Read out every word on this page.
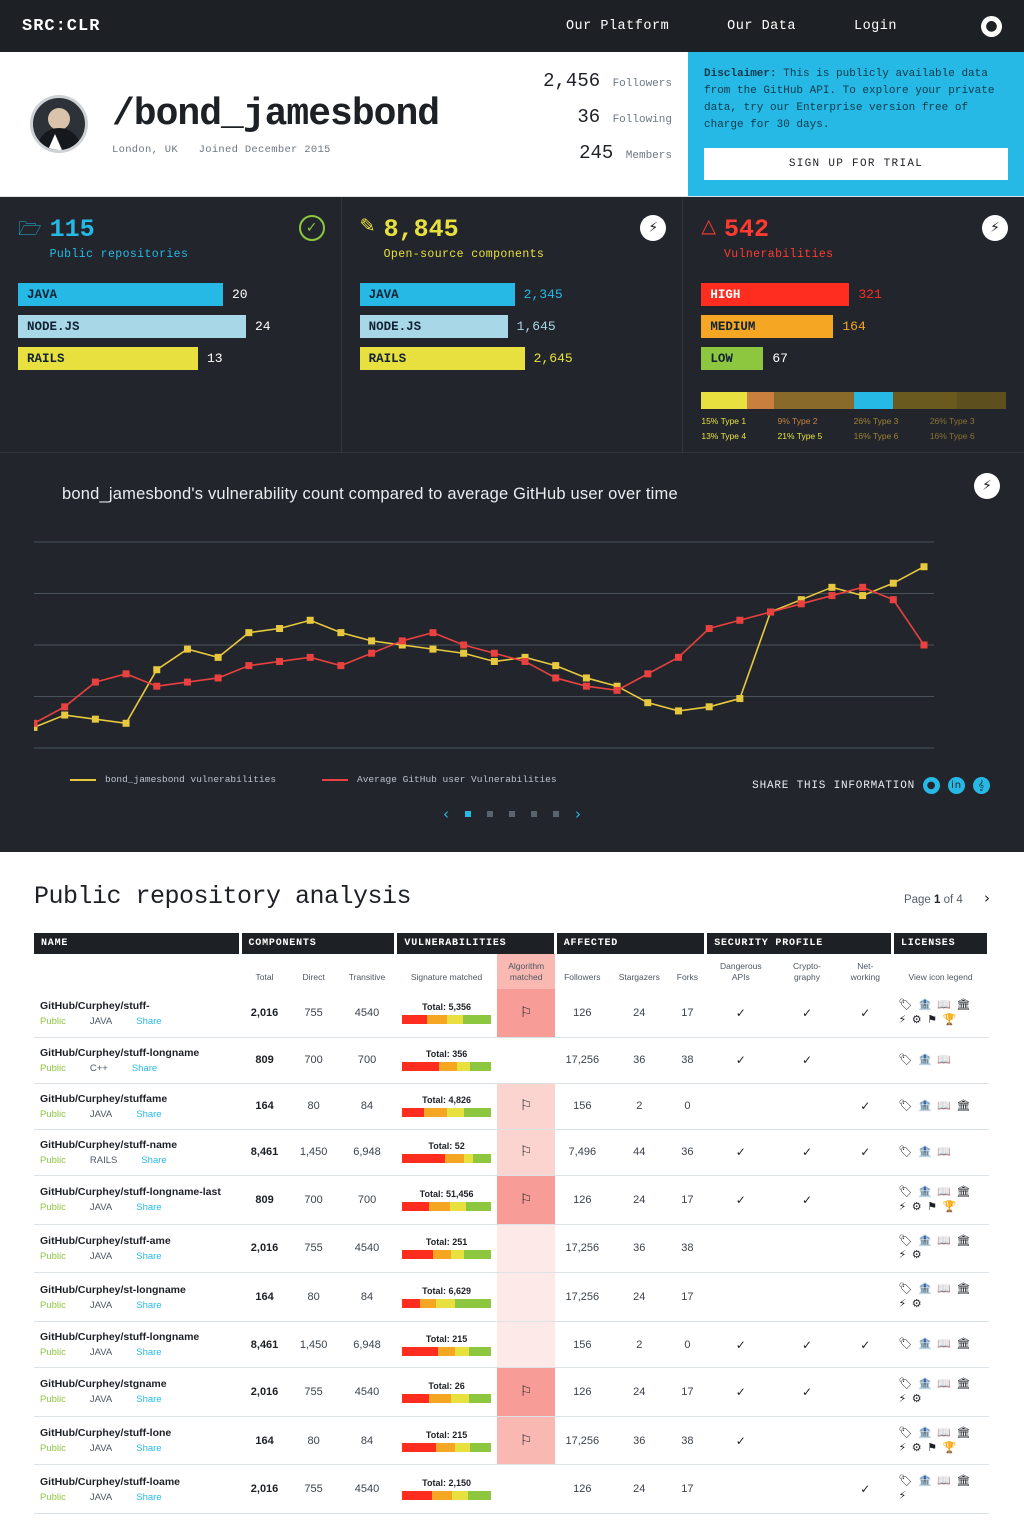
SRC:CLR	Our Platform	Our Data	Login	●
/bond_jamesbond
London, UK Joined December 2015
2,456 Followers
36 Following
245 Members

Disclaimer: This is publicly available data from the GitHub API. To explore your private data, try our Enterprise version free of charge for 30 days.

SIGN UP FOR TRIAL
🗁 115
Public repositories
✓
JAVA	20
NODE.JS	24
RAILS	13
✎ 8,845
Open-source components
⚡
JAVA	2,345
NODE.JS	1,645
RAILS	2,645
△ 542
Vulnerabilities
⚡
HIGH	321
MEDIUM	164
LOW	67
15% Type 1	9% Type 2	26% Type 3	26% Type 3
13% Type 4	21% Type 5	16% Type 6	16% Type 6
⚡
bond_jamesbond's vulnerability count compared to average GitHub user over time
bond_jamesbond vulnerabilities	Average GitHub user Vulnerabilities
‹	›
SHARE THIS INFORMATION	●	in	𝄞
Public repository analysis	Page 1 of 4 ›
NAME	COMPONENTS			VULNERABILITIES		AFFECTED			SECURITY PROFILE			LICENSES
	Total	Direct	Transitive	Signature matched	Algorithm matched	Followers	Stargazers	Forks	Dangerous APIs	Crypto-graphy	Net-working	View icon legend

GitHub/Curphey/stuff-
Public JAVA Share	2,016	755	4540	Total: 5,356	⚐	126	24	17	✓	✓	✓	🏷 🏦 📖 🏛 ⚡ ⚙ ⚑ 🏆

GitHub/Curphey/stuff-longname
Public C++ Share	809	700	700	Total: 356		17,256	36	38	✓	✓		🏷 🏦 📖

GitHub/Curphey/stuffame
Public JAVA Share	164	80	84	Total: 4,826	⚐	156	2	0			✓	🏷 🏦 📖 🏛

GitHub/Curphey/stuff-name
Public RAILS Share	8,461	1,450	6,948	Total: 52	⚐	7,496	44	36	✓	✓	✓	🏷 🏦 📖

GitHub/Curphey/stuff-longname-last
Public JAVA Share	809	700	700	Total: 51,456	⚐	126	24	17	✓	✓		🏷 🏦 📖 🏛 ⚡ ⚙ ⚑ 🏆

GitHub/Curphey/stuff-ame
Public JAVA Share	2,016	755	4540	Total: 251		17,256	36	38				🏷 🏦 📖 🏛 ⚡ ⚙

GitHub/Curphey/st-longname
Public JAVA Share	164	80	84	Total: 6,629		17,256	24	17				🏷 🏦 📖 🏛 ⚡ ⚙

GitHub/Curphey/stuff-longname
Public JAVA Share	8,461	1,450	6,948	Total: 215		156	2	0	✓	✓	✓	🏷 🏦 📖 🏛

GitHub/Curphey/stgname
Public JAVA Share	2,016	755	4540	Total: 26	⚐	126	24	17	✓	✓		🏷 🏦 📖 🏛 ⚡ ⚙

GitHub/Curphey/stuff-lone
Public JAVA Share	164	80	84	Total: 215	⚐	17,256	36	38	✓			🏷 🏦 📖 🏛 ⚡ ⚙ ⚑ 🏆

GitHub/Curphey/stuff-loame
Public JAVA Share	2,016	755	4540	Total: 2,150		126	24	17			✓	🏷 🏦 📖 🏛 ⚡
